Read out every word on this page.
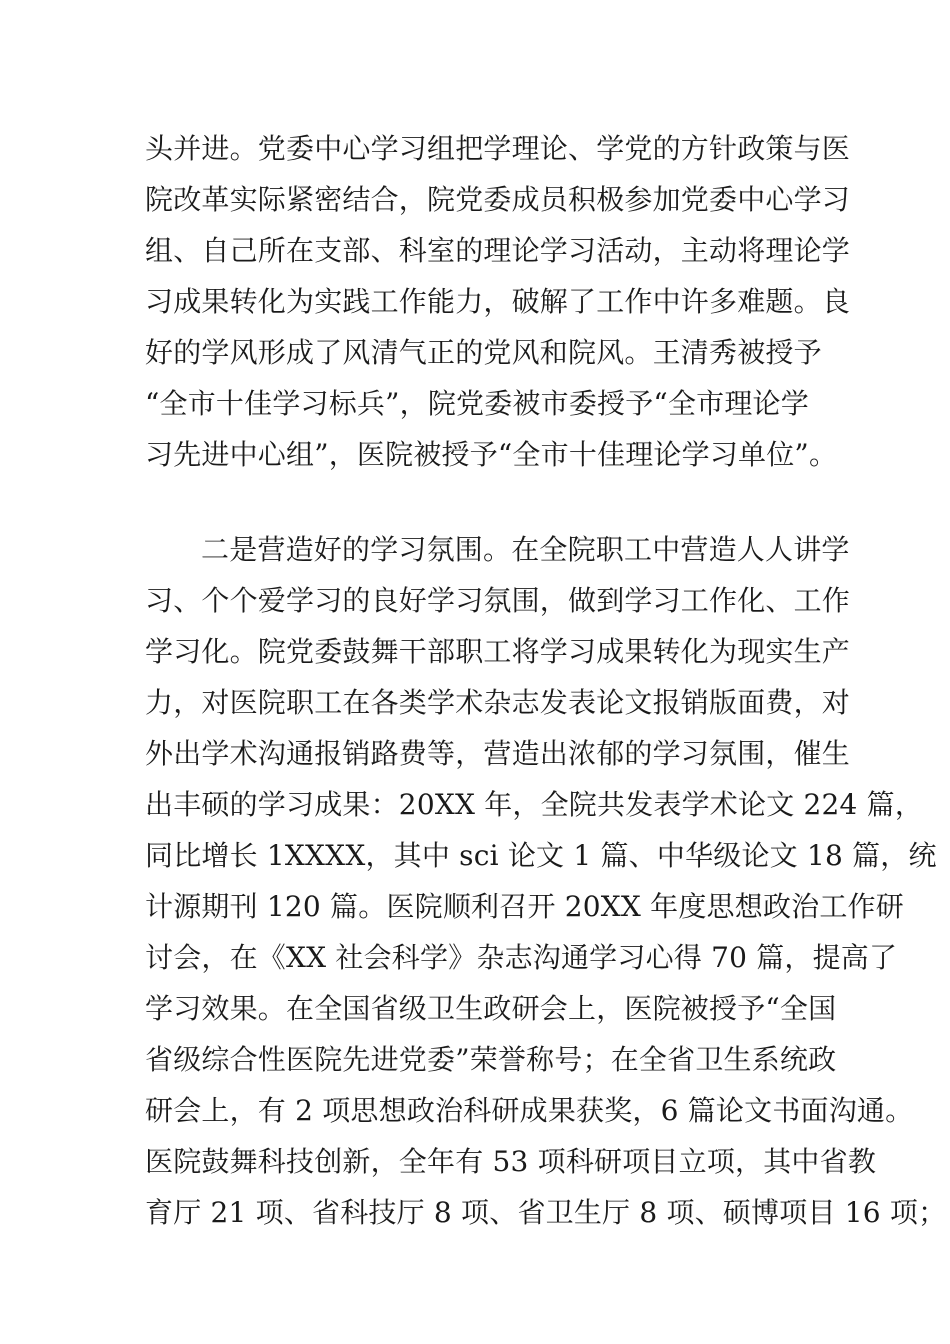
头并进。党委中心学习组把学理论、学党的方针政策与医
院改革实际紧密结合，院党委成员积极参加党委中心学习
组、自己所在支部、科室的理论学习活动，主动将理论学
习成果转化为实践工作能力，破解了工作中许多难题。良
好的学风形成了风清气正的党风和院风。王清秀被授予
“全市十佳学习标兵”，院党委被市委授予“全市理论学
习先进中心组”，医院被授予“全市十佳理论学习单位”。
二是营造好的学习氛围。在全院职工中营造人人讲学
习、个个爱学习的良好学习氛围，做到学习工作化、工作
学习化。院党委鼓舞干部职工将学习成果转化为现实生产
力，对医院职工在各类学术杂志发表论文报销版面费，对
外出学术沟通报销路费等，营造出浓郁的学习氛围，催生
出丰硕的学习成果：20XX 年，全院共发表学术论文 224 篇，
同比增长 1XXXX，其中 sci 论文 1 篇、中华级论文 18 篇，统
计源期刊 120 篇。医院顺利召开 20XX 年度思想政治工作研
讨会，在《XX 社会科学》杂志沟通学习心得 70 篇，提高了
学习效果。在全国省级卫生政研会上，医院被授予“全国
省级综合性医院先进党委”荣誉称号；在全省卫生系统政
研会上，有 2 项思想政治科研成果获奖，6 篇论文书面沟通。
医院鼓舞科技创新，全年有 53 项科研项目立项，其中省教
育厅 21 项、省科技厅 8 项、省卫生厅 8 项、硕博项目 16 项；
